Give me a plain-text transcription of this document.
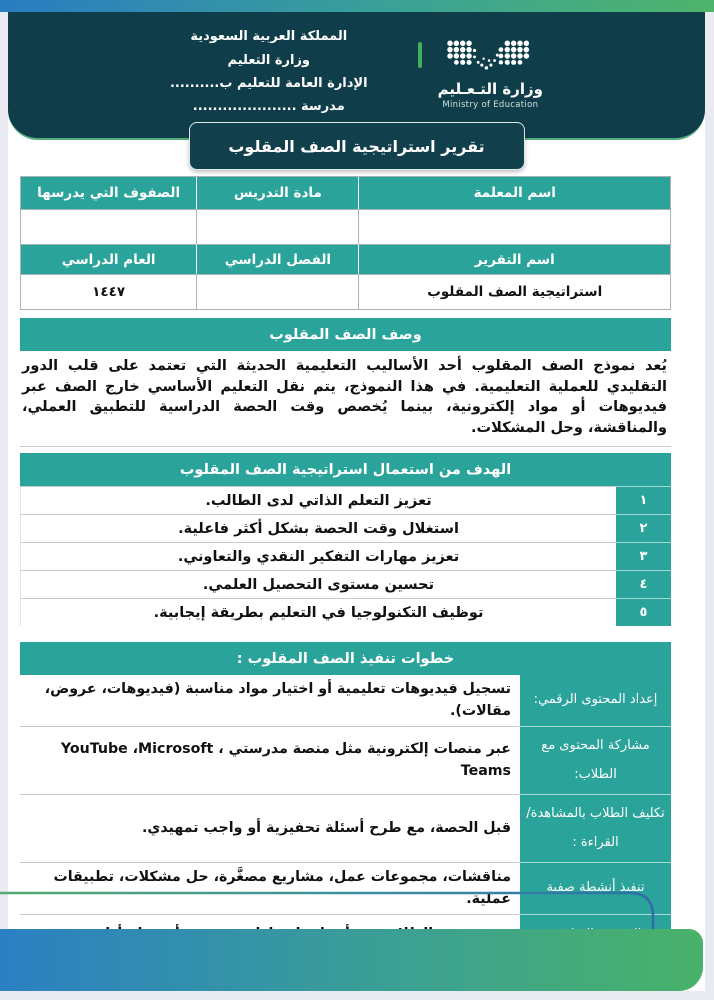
وزارة التـعـليم
Ministry of Education
المملكة العربية السعودية
وزارة التعليم
الإدارة العامة للتعليم ب..........
مدرسة .....................
تقرير استراتيجية الصف المقلوب
اسم المعلمة
مادة التدريس
الصفوف التي يدرسها
اسم التقرير
الفصل الدراسي
العام الدراسي
استراتيجية الصف المقلوب
١٤٤٧
وصف الصف المقلوب
يُعد نموذج الصف المقلوب أحد الأساليب التعليمية الحديثة التي تعتمد على قلب الدور التقليدي للعملية التعليمية. في هذا النموذج، يتم نقل التعليم الأساسي خارج الصف عبر فيديوهات أو مواد إلكترونية، بينما يُخصص وقت الحصة الدراسية للتطبيق العملي، والمناقشة، وحل المشكلات.
الهدف من استعمال استراتيجية الصف المقلوب
١
تعزيز التعلم الذاتي لدى الطالب.
٢
استغلال وقت الحصة بشكل أكثر فاعلية.
٣
تعزيز مهارات التفكير النقدي والتعاوني.
٤
تحسين مستوى التحصيل العلمي.
٥
توظيف التكنولوجيا في التعليم بطريقة إيجابية.
خطوات تنفيذ الصف المقلوب :
إعداد المحتوى الرقمي:
تسجيل فيديوهات تعليمية أو اختيار مواد مناسبة (فيديوهات، عروض، مقالات).
مشاركة المحتوى مع الطلاب:
عبر منصات إلكترونية مثل منصة مدرستي ، YouTube ،Microsoft Teams
تكليف الطلاب بالمشاهدة/القراءة :
قبل الحصة، مع طرح أسئلة تحفيزية أو واجب تمهيدي.
تنفيذ أنشطة صفية
مناقشات، مجموعات عمل، مشاريع مصغَّرة، حل مشكلات، تطبيقات عملية.
